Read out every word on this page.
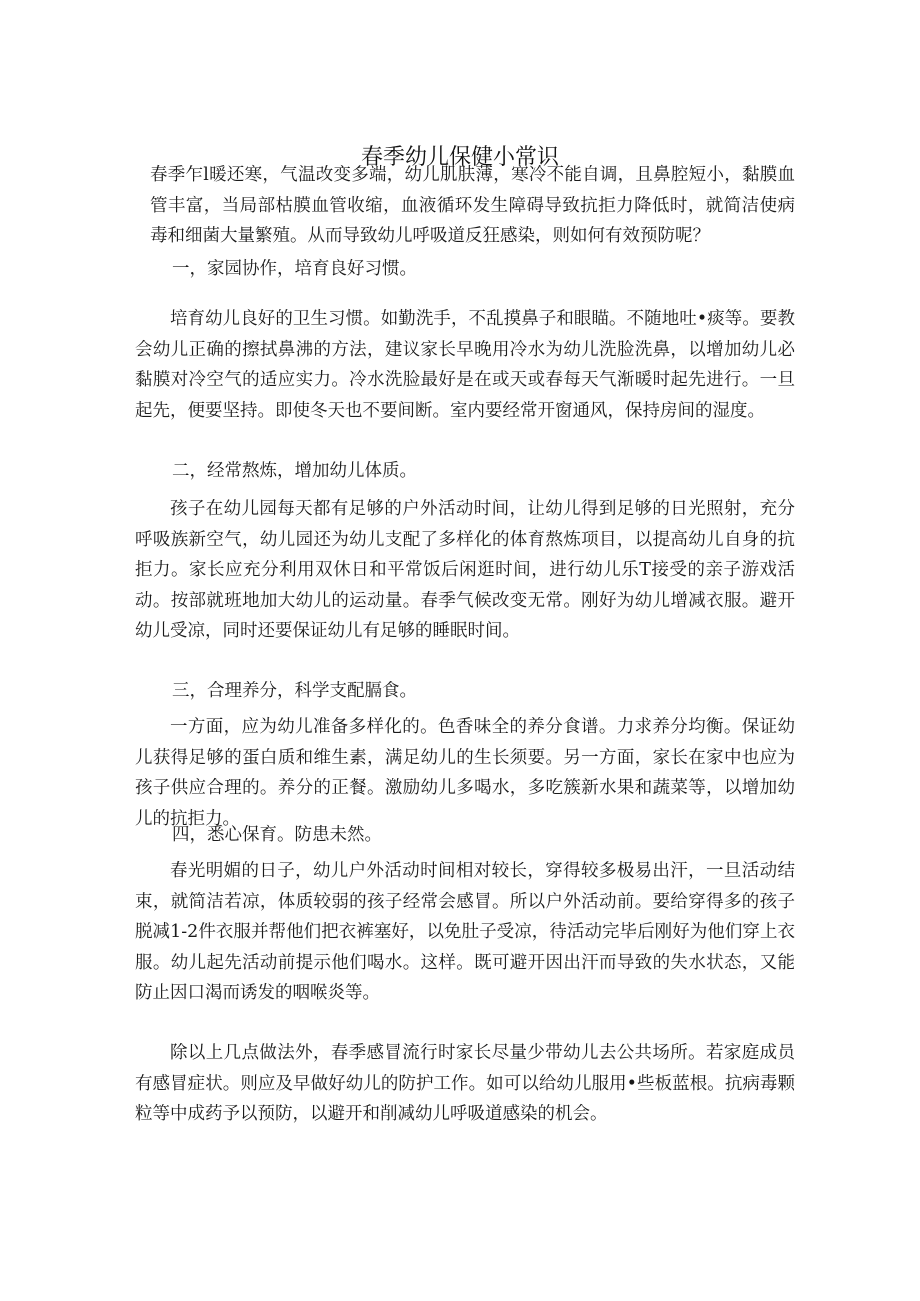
春季幼儿保健小常识

春季乍l暖还寒，气温改变多端，幼儿肌肤薄，寒冷不能自调，且鼻腔短小，黏膜血管丰富，当局部枯膜血管收缩，血液循环发生障碍导致抗拒力降低时，就简洁使病毒和细菌大量繁殖。从而导致幼儿呼吸道反狂感染，则如何有效预防呢？

一，家园协作，培育良好习惯。

培育幼儿良好的卫生习惯。如勤洗手，不乱摸鼻子和眼瞄。不随地吐•痰等。要教会幼儿正确的擦拭鼻沸的方法，建议家长早晚用冷水为幼儿洗脸洗鼻，以增加幼儿必黏膜对冷空气的适应实力。冷水洗脸最好是在或天或春每天气渐暖时起先进行。一旦起先，便要坚持。即使冬天也不要间断。室内要经常开窗通风，保持房间的湿度。

二，经常熬炼，增加幼儿体质。

孩子在幼儿园每天都有足够的户外活动时间，让幼儿得到足够的日光照射，充分呼吸族新空气，幼儿园还为幼儿支配了多样化的体育熬炼项目，以提高幼儿自身的抗拒力。家长应充分利用双休日和平常饭后闲逛时间，进行幼儿乐T接受的亲子游戏活动。按部就班地加大幼儿的运动量。春季气候改变无常。刚好为幼儿增减衣服。避开幼儿受凉，同时还要保证幼儿有足够的睡眠时间。

三，合理养分，科学支配膈食。

一方面，应为幼儿准备多样化的。色香味全的养分食谱。力求养分均衡。保证幼儿获得足够的蛋白质和维生素，满足幼儿的生长须要。另一方面，家长在家中也应为孩子供应合理的。养分的正餐。激励幼儿多喝水，多吃簇新水果和蔬菜等，以增加幼儿的抗拒力。

四，悉心保育。防患未然。

春光明媚的日子，幼儿户外活动时间相对较长，穿得较多极易出汗，一旦活动结束，就简洁若凉，体质较弱的孩子经常会感冒。所以户外活动前。要给穿得多的孩子脱减1-2件衣服并帮他们把衣裤塞好，以免肚子受凉，待活动完毕后刚好为他们穿上衣服。幼儿起先活动前提示他们喝水。这样。既可避开因出汗而导致的失水状态，又能防止因口渴而诱发的咽喉炎等。

除以上几点做法外，春季感冒流行时家长尽量少带幼儿去公共场所。若家庭成员有感冒症状。则应及早做好幼儿的防护工作。如可以给幼儿服用•些板蓝根。抗病毒颗粒等中成药予以预防，以避开和削减幼儿呼吸道感染的机会。
